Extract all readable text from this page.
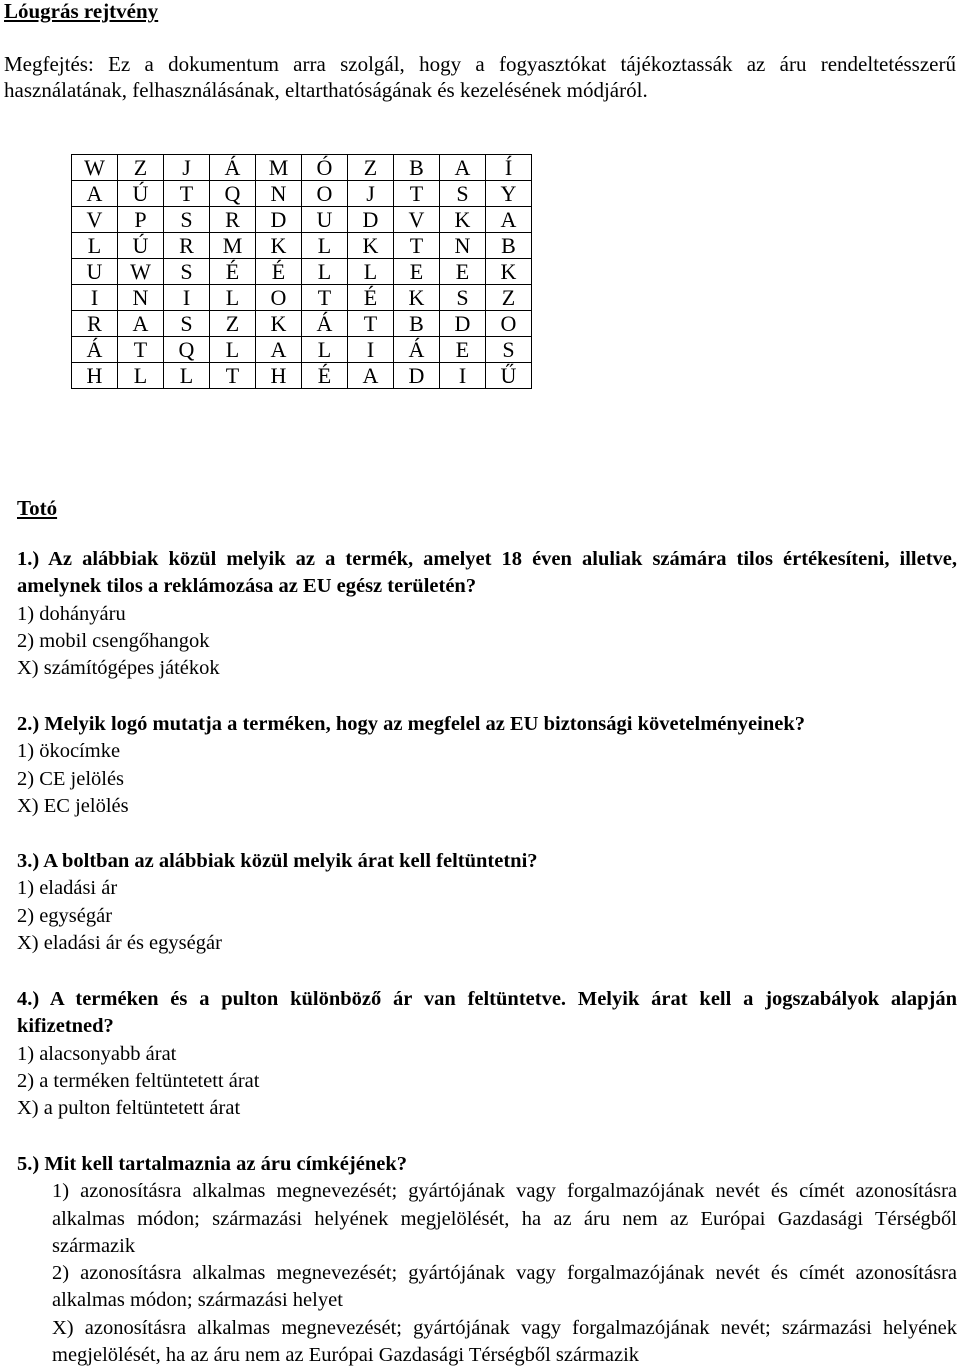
Lóugrás rejtvény

Megfejtés: Ez a dokumentum arra szolgál, hogy a fogyasztókat tájékoztassák az áru rendeltetésszerű használatának, felhasználásának, eltarthatóságának és kezelésének módjáról.

W	Z	J	Á	M	Ó	Z	B	A	Í
A	Ú	T	Q	N	O	J	T	S	Y
V	P	S	R	D	U	D	V	K	A
L	Ú	R	M	K	L	K	T	N	B
U	W	S	É	É	L	L	E	E	K
I	N	I	L	O	T	É	K	S	Z
R	A	S	Z	K	Á	T	B	D	O
Á	T	Q	L	A	L	I	Á	E	S
H	L	L	T	H	É	A	D	I	Ű
Totó
1.) Az alábbiak közül melyik az a termék, amelyet 18 éven aluliak számára tilos értékesíteni, illetve, amelynek tilos a reklámozása az EU egész területén?
1) dohányáru
2) mobil csengőhangok
X) számítógépes játékok
2.) Melyik logó mutatja a terméken, hogy az megfelel az EU biztonsági követelményeinek?
1) ökocímke
2) CE jelölés
X) EC jelölés
3.) A boltban az alábbiak közül melyik árat kell feltüntetni?
1) eladási ár
2) egységár
X) eladási ár és egységár
4.) A terméken és a pulton különböző ár van feltüntetve. Melyik árat kell a jogszabályok alapján kifizetned?
1) alacsonyabb árat
2) a terméken feltüntetett árat
X) a pulton feltüntetett árat
5.) Mit kell tartalmaznia az áru címkéjének?
1) azonosításra alkalmas megnevezését; gyártójának vagy forgalmazójának nevét és címét azonosításra alkalmas módon; származási helyének megjelölését, ha az áru nem az Európai Gazdasági Térségből származik
2) azonosításra alkalmas megnevezését; gyártójának vagy forgalmazójának nevét és címét azonosításra alkalmas módon; származási helyet
X) azonosításra alkalmas megnevezését; gyártójának vagy forgalmazójának nevét; származási helyének megjelölését, ha az áru nem az Európai Gazdasági Térségből származik
